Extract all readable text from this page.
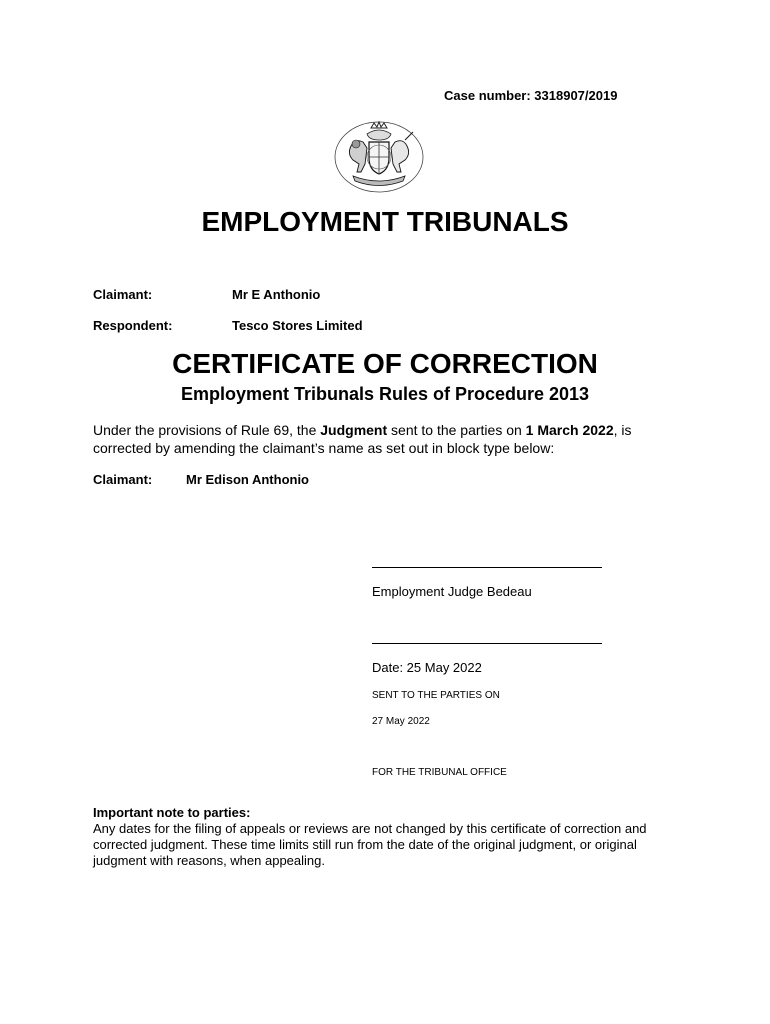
Case number: 3318907/2019
EMPLOYMENT TRIBUNALS
Claimant:	Mr E Anthonio
Respondent:	Tesco Stores Limited
CERTIFICATE OF CORRECTION
Employment Tribunals Rules of Procedure 2013
Under the provisions of Rule 69, the Judgment sent to the parties on 1 March 2022, is corrected by amending the claimant’s name as set out in block type below:
Claimant:	Mr Edison Anthonio
Employment Judge Bedeau
Date: 25 May 2022
SENT TO THE PARTIES ON
27 May 2022
FOR THE TRIBUNAL OFFICE
Important note to parties:
Any dates for the filing of appeals or reviews are not changed by this certificate of correction and corrected judgment. These time limits still run from the date of the original judgment, or original judgment with reasons, when appealing.
